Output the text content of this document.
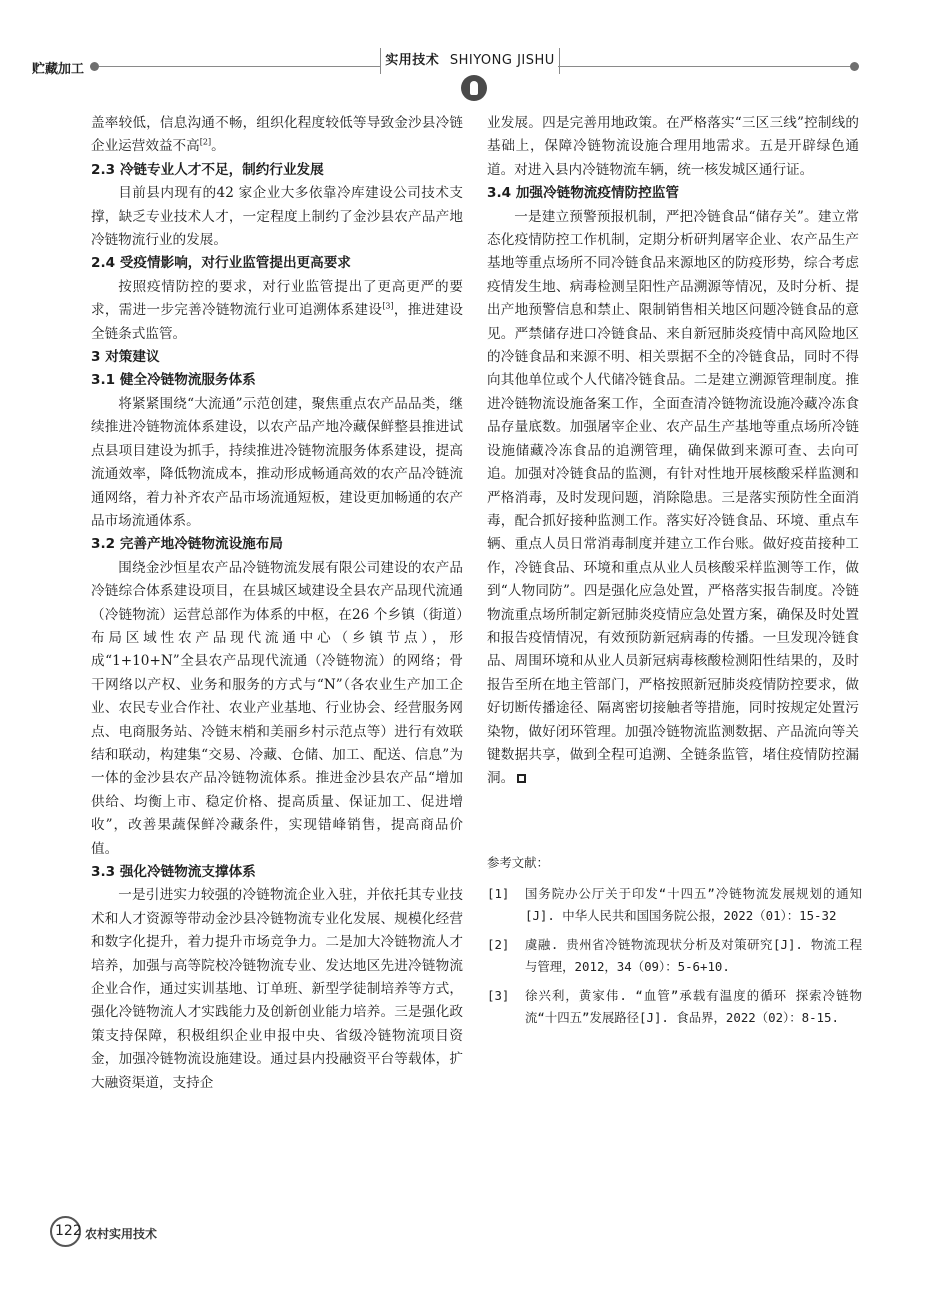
贮藏加工
实用技术 SHIYONG JISHU

盖率较低，信息沟通不畅，组织化程度较低等导致金沙县冷链企业运营效益不高[2]。

2.3 冷链专业人才不足，制约行业发展

目前县内现有的42 家企业大多依靠冷库建设公司技术支撑，缺乏专业技术人才，一定程度上制约了金沙县农产品产地冷链物流行业的发展。

2.4 受疫情影响，对行业监管提出更高要求

按照疫情防控的要求，对行业监管提出了更高更严的要求，需进一步完善冷链物流行业可追溯体系建设[3]，推进建设全链条式监管。

3 对策建议
3.1 健全冷链物流服务体系

将紧紧围绕“大流通”示范创建，聚焦重点农产品品类，继续推进冷链物流体系建设，以农产品产地冷藏保鲜整县推进试点县项目建设为抓手，持续推进冷链物流服务体系建设，提高流通效率，降低物流成本，推动形成畅通高效的农产品冷链流通网络，着力补齐农产品市场流通短板，建设更加畅通的农产品市场流通体系。

3.2 完善产地冷链物流设施布局

围绕金沙恒星农产品冷链物流发展有限公司建设的农产品冷链综合体系建设项目，在县城区域建设全县农产品现代流通（冷链物流）运营总部作为体系的中枢，在26 个乡镇（街道）布局区域性农产品现代流通中心（乡镇节点），形成“1+10+N”全县农产品现代流通（冷链物流）的网络；骨干网络以产权、业务和服务的方式与“N”（各农业生产加工企业、农民专业合作社、农业产业基地、行业协会、经营服务网点、电商服务站、冷链末梢和美丽乡村示范点等）进行有效联结和联动，构建集“交易、冷藏、仓储、加工、配送、信息”为一体的金沙县农产品冷链物流体系。推进金沙县农产品“增加供给、均衡上市、稳定价格、提高质量、保证加工、促进增收”，改善果蔬保鲜冷藏条件，实现错峰销售，提高商品价值。

3.3 强化冷链物流支撑体系

一是引进实力较强的冷链物流企业入驻，并依托其专业技术和人才资源等带动金沙县冷链物流专业化发展、规模化经营和数字化提升，着力提升市场竞争力。二是加大冷链物流人才培养，加强与高等院校冷链物流专业、发达地区先进冷链物流企业合作，通过实训基地、订单班、新型学徒制培养等方式，强化冷链物流人才实践能力及创新创业能力培养。三是强化政策支持保障，积极组织企业申报中央、省级冷链物流项目资金，加强冷链物流设施建设。通过县内投融资平台等载体，扩大融资渠道，支持企

业发展。四是完善用地政策。在严格落实“三区三线”控制线的基础上，保障冷链物流设施合理用地需求。五是开辟绿色通道。对进入县内冷链物流车辆，统一核发城区通行证。

3.4 加强冷链物流疫情防控监管

一是建立预警预报机制，严把冷链食品“储存关”。建立常态化疫情防控工作机制，定期分析研判屠宰企业、农产品生产基地等重点场所不同冷链食品来源地区的防疫形势，综合考虑疫情发生地、病毒检测呈阳性产品溯源等情况，及时分析、提出产地预警信息和禁止、限制销售相关地区问题冷链食品的意见。严禁储存进口冷链食品、来自新冠肺炎疫情中高风险地区的冷链食品和来源不明、相关票据不全的冷链食品，同时不得向其他单位或个人代储冷链食品。二是建立溯源管理制度。推进冷链物流设施备案工作，全面查清冷链物流设施冷藏冷冻食品存量底数。加强屠宰企业、农产品生产基地等重点场所冷链设施储藏冷冻食品的追溯管理，确保做到来源可查、去向可追。加强对冷链食品的监测，有针对性地开展核酸采样监测和严格消毒，及时发现问题，消除隐患。三是落实预防性全面消毒，配合抓好接种监测工作。落实好冷链食品、环境、重点车辆、重点人员日常消毒制度并建立工作台账。做好疫苗接种工作，冷链食品、环境和重点从业人员核酸采样监测等工作，做到“人物同防”。四是强化应急处置，严格落实报告制度。冷链物流重点场所制定新冠肺炎疫情应急处置方案，确保及时处置和报告疫情情况，有效预防新冠病毒的传播。一旦发现冷链食品、周围环境和从业人员新冠病毒核酸检测阳性结果的，及时报告至所在地主管部门，严格按照新冠肺炎疫情防控要求，做好切断传播途径、隔离密切接触者等措施，同时按规定处置污染物，做好闭环管理。加强冷链物流监测数据、产品流向等关键数据共享，做到全程可追溯、全链条监管，堵住疫情防控漏洞。

参考文献：
[1] 国务院办公厅关于印发“十四五”冷链物流发展规划的通知[J]. 中华人民共和国国务院公报，2022（01）：15-32
[2] 虞融. 贵州省冷链物流现状分析及对策研究[J]. 物流工程与管理，2012，34（09）：5-6+10.
[3] 徐兴利，黄家伟. “血管”承载有温度的循环 探索冷链物流“十四五”发展路径[J]. 食品界，2022（02）：8-15.
122 农村实用技术
